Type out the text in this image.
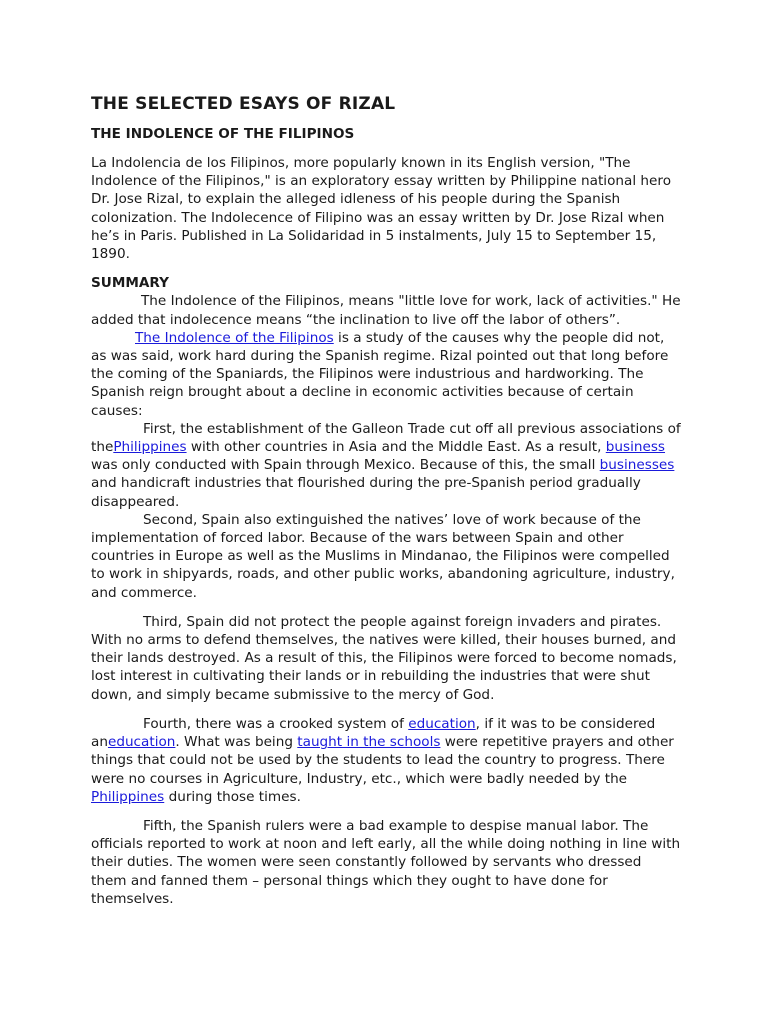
THE SELECTED ESAYS OF RIZAL
THE INDOLENCE OF THE FILIPINOS

La Indolencia de los Filipinos, more popularly known in its English version, "The Indolence of the Filipinos," is an exploratory essay written by Philippine national hero Dr. Jose Rizal, to explain the alleged idleness of his people during the Spanish colonization. The Indolecence of Filipino was an essay written by Dr. Jose Rizal when he’s in Paris. Published in La Solidaridad in 5 instalments, July 15 to September 15, 1890.

SUMMARY

The Indolence of the Filipinos, means "little love for work, lack of activities." He added that indolecence means “the inclination to live off the labor of others”.

The Indolence of the Filipinos is a study of the causes why the people did not, as was said, work hard during the Spanish regime. Rizal pointed out that long before the coming of the Spaniards, the Filipinos were industrious and hardworking. The Spanish reign brought about a decline in economic activities because of certain causes:

First, the establishment of the Galleon Trade cut off all previous associations of thePhilippines with other countries in Asia and the Middle East. As a result, business was only conducted with Spain through Mexico. Because of this, the small businesses and handicraft industries that flourished during the pre-Spanish period gradually disappeared.

Second, Spain also extinguished the natives’ love of work because of the implementation of forced labor. Because of the wars between Spain and other countries in Europe as well as the Muslims in Mindanao, the Filipinos were compelled to work in shipyards, roads, and other public works, abandoning agriculture, industry, and commerce.

Third, Spain did not protect the people against foreign invaders and pirates. With no arms to defend themselves, the natives were killed, their houses burned, and their lands destroyed. As a result of this, the Filipinos were forced to become nomads, lost interest in cultivating their lands or in rebuilding the industries that were shut down, and simply became submissive to the mercy of God.

Fourth, there was a crooked system of education, if it was to be considered aneducation. What was being taught in the schools were repetitive prayers and other things that could not be used by the students to lead the country to progress. There were no courses in Agriculture, Industry, etc., which were badly needed by the Philippines during those times.

Fifth, the Spanish rulers were a bad example to despise manual labor. The officials reported to work at noon and left early, all the while doing nothing in line with their duties. The women were seen constantly followed by servants who dressed them and fanned them – personal things which they ought to have done for themselves.
